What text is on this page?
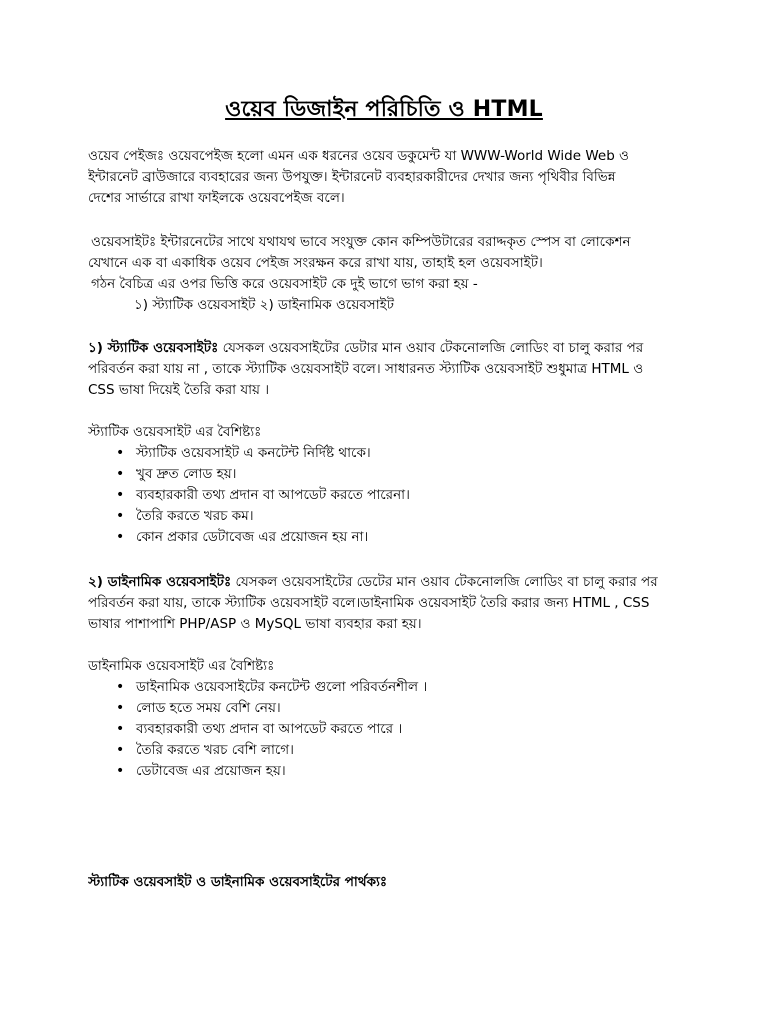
ওয়েব ডিজাইন পরিচিতি ও HTML
ওয়েব পেইজঃ ওয়েবপেইজ হলো এমন এক ধরনের ওয়েব ডকুমেন্ট যা WWW-World Wide Web ও
ইন্টারনেট ব্রাউজারে ব্যবহারের জন্য উপযুক্ত। ইন্টারনেট ব্যবহারকারীদের দেখার জন্য পৃথিবীর বিভিন্ন
দেশের সার্ভারে রাখা ফাইলকে ওয়েবপেইজ বলে।
ওয়েবসাইটঃ ইন্টারনেটের সাথে যথাযথ ভাবে সংযুক্ত কোন কম্পিউটারের বরাদ্দকৃত স্পেস বা লোকেশন
যেখানে এক বা একাধিক ওয়েব পেইজ সংরক্ষন করে রাখা যায়, তাহাই হল ওয়েবসাইট।
গঠন বৈচিত্র এর ওপর ভিত্তি করে ওয়েবসাইট কে দুই ভাগে ভাগ করা হয় -
১) স্ট্যাটিক ওয়েবসাইট ২) ডাইনামিক ওয়েবসাইট
১) স্ট্যাটিক ওয়েবসাইটঃ যেসকল ওয়েবসাইটের ডেটার মান ওয়াব টেকনোলজি লোডিং বা চালু করার পর
পরিবর্তন করা যায় না , তাকে স্ট্যাটিক ওয়েবসাইট বলে। সাধারনত স্ট্যাটিক ওয়েবসাইট শুধুমাত্র HTML ও
CSS ভাষা দিয়েই তৈরি করা যায় ।
স্ট্যাটিক ওয়েবসাইট এর বৈশিষ্ট্যঃ
• স্ট্যাটিক ওয়েবসাইট এ কনটেন্ট নির্দিষ্ট থাকে।
• খুব দ্রুত লোড হয়।
• ব্যবহারকারী তথ্য প্রদান বা আপডেট করতে পারেনা।
• তৈরি করতে খরচ কম।
• কোন প্রকার ডেটাবেজ এর প্রয়োজন হয় না।
২) ডাইনামিক ওয়েবসাইটঃ যেসকল ওয়েবসাইটের ডেটের মান ওয়াব টেকনোলজি লোডিং বা চালু করার পর
পরিবর্তন করা যায়, তাকে স্ট্যাটিক ওয়েবসাইট বলে।ডাইনামিক ওয়েবসাইট তৈরি করার জন্য HTML , CSS
ভাষার পাশাপাশি PHP/ASP ও MySQL ভাষা ব্যবহার করা হয়।
ডাইনামিক ওয়েবসাইট এর বৈশিষ্ট্যঃ
• ডাইনামিক ওয়েবসাইটের কনটেন্ট গুলো পরিবর্তনশীল ।
• লোড হতে সময় বেশি নেয়।
• ব্যবহারকারী তথ্য প্রদান বা আপডেট করতে পারে ।
• তৈরি করতে খরচ বেশি লাগে।
• ডেটাবেজ এর প্রয়োজন হয়।
স্ট্যাটিক ওয়েবসাইট ও ডাইনামিক ওয়েবসাইটের পার্থক্যঃ
